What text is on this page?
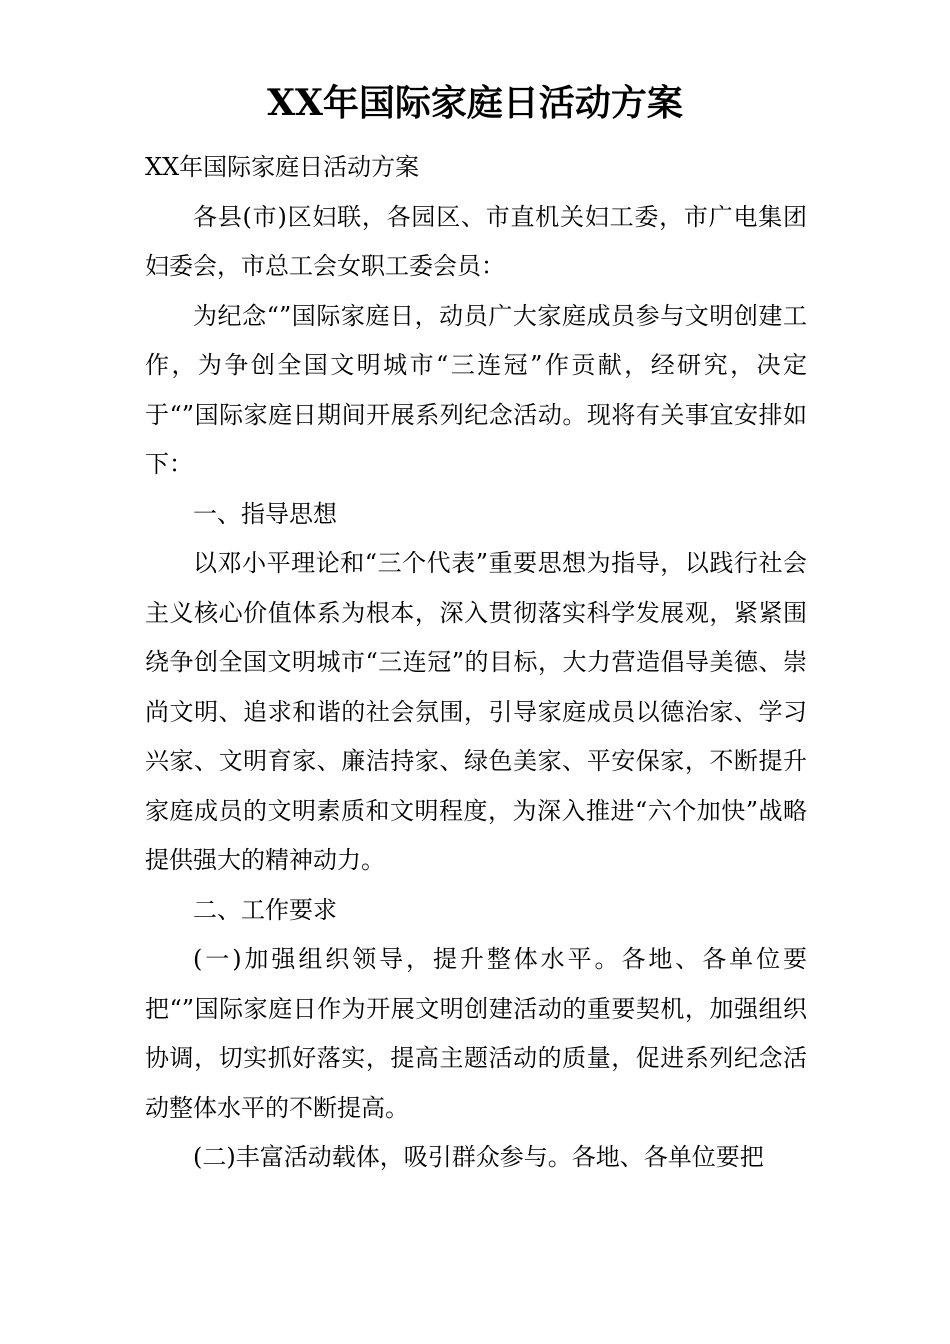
XX年国际家庭日活动方案

XX年国际家庭日活动方案

各县(市)区妇联，各园区、市直机关妇工委，市广电集团妇委会，市总工会女职工委会员：

为纪念“”国际家庭日，动员广大家庭成员参与文明创建工作，为争创全国文明城市“三连冠”作贡献，经研究，决定于“”国际家庭日期间开展系列纪念活动。现将有关事宜安排如下：

一、指导思想

以邓小平理论和“三个代表”重要思想为指导，以践行社会主义核心价值体系为根本，深入贯彻落实科学发展观，紧紧围绕争创全国文明城市“三连冠”的目标，大力营造倡导美德、崇尚文明、追求和谐的社会氛围，引导家庭成员以德治家、学习兴家、文明育家、廉洁持家、绿色美家、平安保家，不断提升家庭成员的文明素质和文明程度，为深入推进“六个加快”战略提供强大的精神动力。

二、工作要求

(一)加强组织领导，提升整体水平。各地、各单位要把“”国际家庭日作为开展文明创建活动的重要契机，加强组织协调，切实抓好落实，提高主题活动的质量，促进系列纪念活动整体水平的不断提高。

(二)丰富活动载体，吸引群众参与。各地、各单位要把
